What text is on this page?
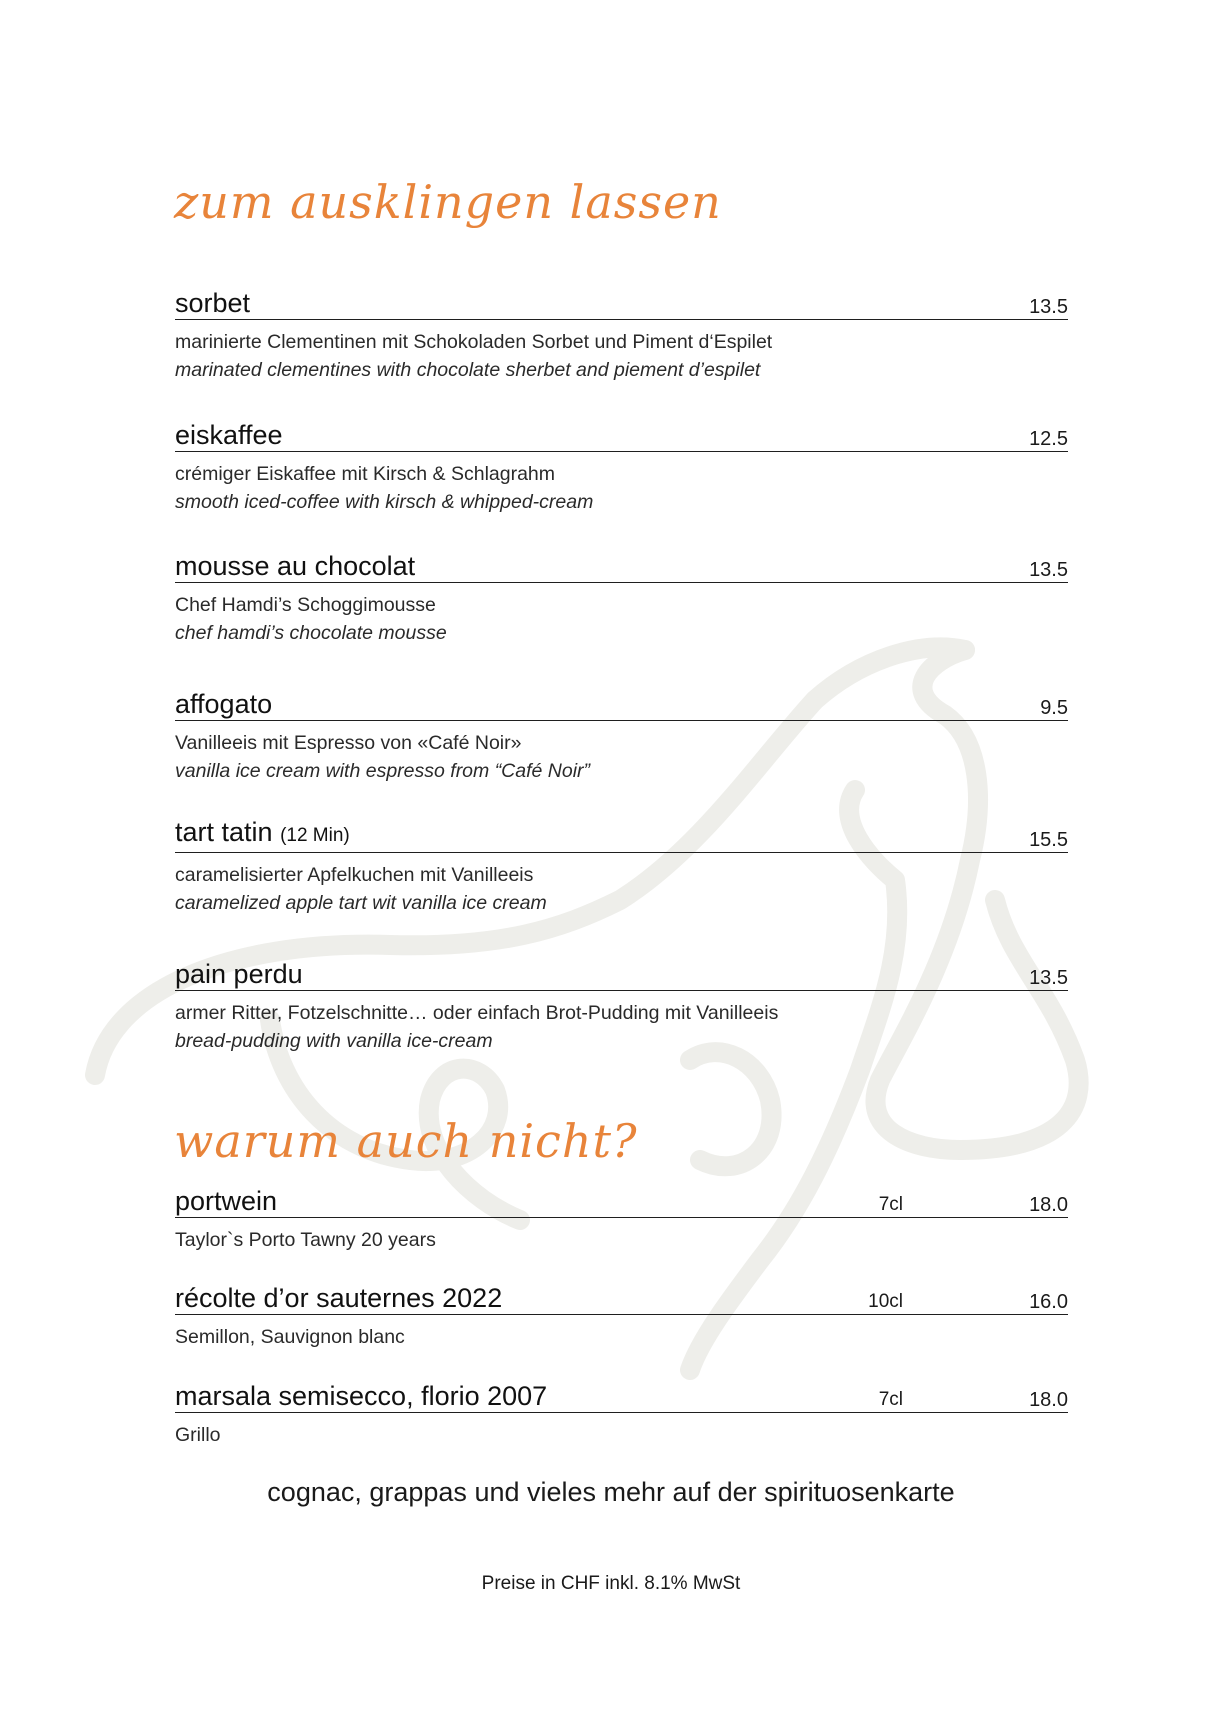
zum ausklingen lassen
sorbet	13.5
marinierte Clementinen mit Schokoladen Sorbet und Piment d‘Espilet
marinated clementines with chocolate sherbet and piement d’espilet
eiskaffee	12.5
crémiger Eiskaffee mit Kirsch & Schlagrahm
smooth iced-coffee with kirsch & whipped-cream
mousse au chocolat	13.5
Chef Hamdi’s Schoggimousse
chef hamdi’s chocolate mousse
affogato	9.5
Vanilleeis mit Espresso von «Café Noir»
vanilla ice cream with espresso from “Café Noir”
tart tatin (12 Min)	15.5
caramelisierter Apfelkuchen mit Vanilleeis
caramelized apple tart wit vanilla ice cream
pain perdu	13.5
armer Ritter, Fotzelschnitte… oder einfach Brot-Pudding mit Vanilleeis
bread-pudding with vanilla ice-cream
warum auch nicht?
portwein	7cl	18.0
Taylor`s Porto Tawny 20 years
récolte d’or sauternes 2022	10cl	16.0
Semillon, Sauvignon blanc
marsala semisecco, florio 2007	7cl	18.0
Grillo
cognac, grappas und vieles mehr auf der spirituosenkarte
Preise in CHF inkl. 8.1% MwSt
